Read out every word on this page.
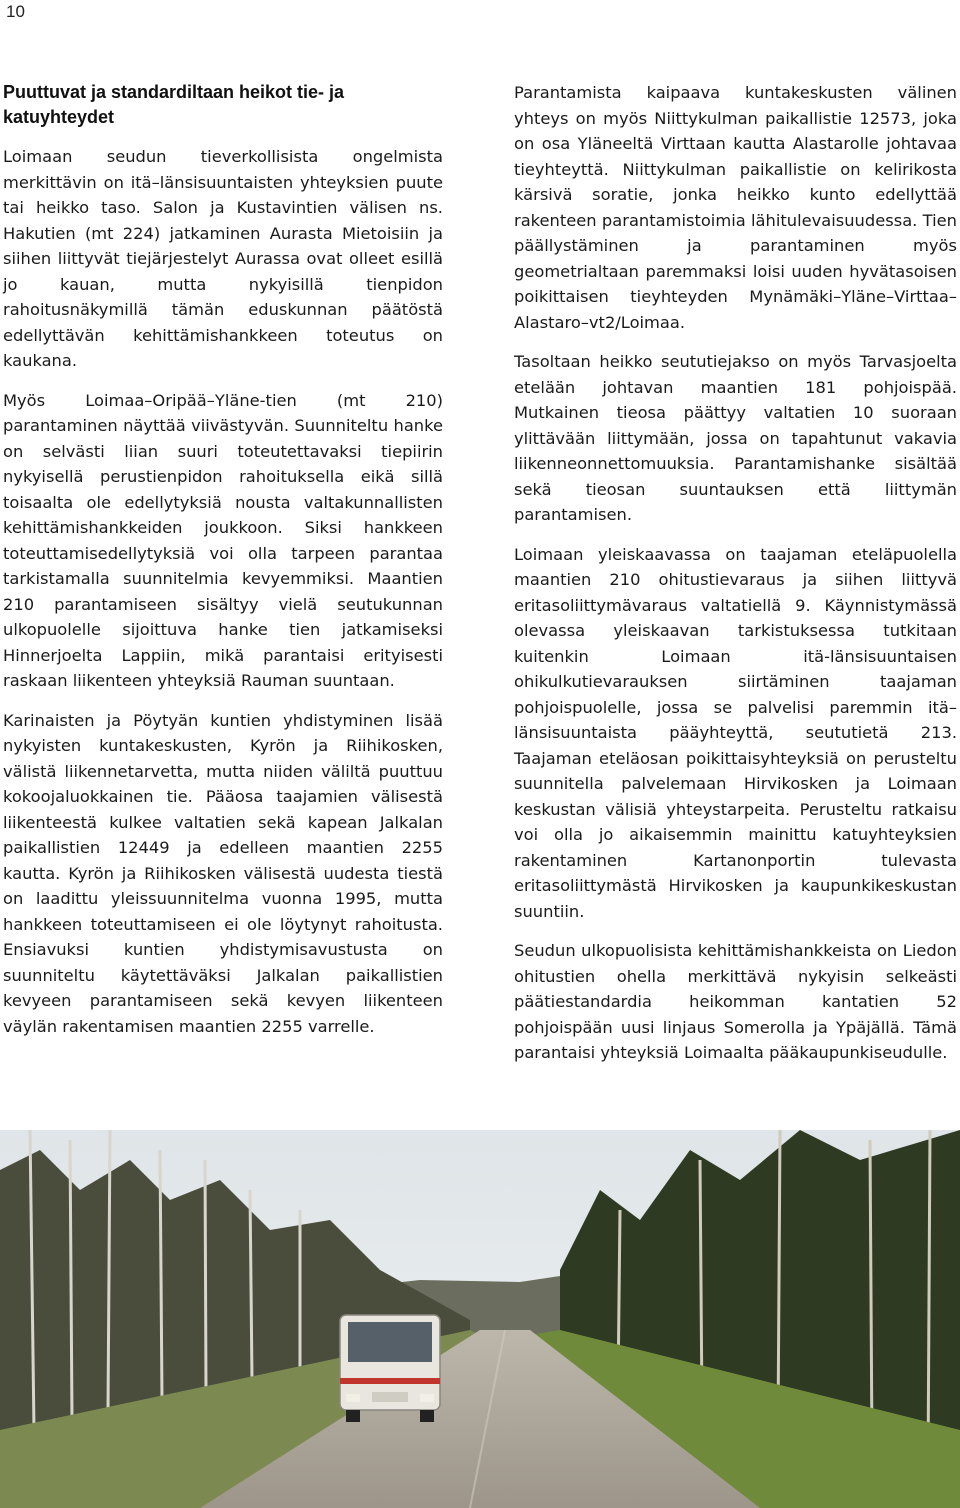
10
Puuttuvat ja standardiltaan heikot tie- ja katuyhteydet

Loimaan seudun tieverkollisista ongelmista merkittävin on itä–länsisuuntaisten yhteyksien puute tai heikko taso. Salon ja Kustavintien välisen ns. Hakutien (mt 224) jatkaminen Aurasta Mietoisiin ja siihen liittyvät tiejärjestelyt Aurassa ovat olleet esillä jo kauan, mutta nykyisillä tienpidon rahoitusnäkymillä tämän eduskunnan päätöstä edellyttävän kehittämishankkeen toteutus on kaukana.

Myös Loimaa–Oripää–Yläne-tien (mt 210) parantaminen näyttää viivästyvän. Suunniteltu hanke on selvästi liian suuri toteutettavaksi tiepiirin nykyisellä perustienpidon rahoituksella eikä sillä toisaalta ole edellytyksiä nousta valtakunnallisten kehittämishankkeiden joukkoon. Siksi hankkeen toteuttamisedellytyksiä voi olla tarpeen parantaa tarkistamalla suunnitelmia kevyemmiksi. Maantien 210 parantamiseen sisältyy vielä seutukunnan ulkopuolelle sijoittuva hanke tien jatkamiseksi Hinnerjoelta Lappiin, mikä parantaisi erityisesti raskaan liikenteen yhteyksiä Rauman suuntaan.

Karinaisten ja Pöytyän kuntien yhdistyminen lisää nykyisten kuntakeskusten, Kyrön ja Riihikosken, välistä liikennetarvetta, mutta niiden väliltä puuttuu kokoojaluokkainen tie. Pääosa taajamien välisestä liikenteestä kulkee valtatien sekä kapean Jalkalan paikallistien 12449 ja edelleen maantien 2255 kautta. Kyrön ja Riihikosken välisestä uudesta tiestä on laadittu yleissuunnitelma vuonna 1995, mutta hankkeen toteuttamiseen ei ole löytynyt rahoitusta. Ensiavuksi kuntien yhdistymisavustusta on suunniteltu käytettäväksi Jalkalan paikallistien kevyeen parantamiseen sekä kevyen liikenteen väylän rakentamisen maantien 2255 varrelle.

Parantamista kaipaava kuntakeskusten välinen yhteys on myös Niittykulman paikallistie 12573, joka on osa Yläneeltä Virttaan kautta Alastarolle johtavaa tieyhteyttä. Niittykulman paikallistie on kelirikosta kärsivä soratie, jonka heikko kunto edellyttää rakenteen parantamistoimia lähitulevaisuudessa. Tien päällystäminen ja parantaminen myös geometrialtaan paremmaksi loisi uuden hyvätasoisen poikittaisen tieyhteyden Mynämäki–Yläne–Virttaa–Alastaro–vt2/Loimaa.

Tasoltaan heikko seututiejakso on myös Tarvasjoelta etelään johtavan maantien 181 pohjoispää. Mutkainen tieosa päättyy valtatien 10 suoraan ylittävään liittymään, jossa on tapahtunut vakavia liikenneonnettomuuksia. Parantamishanke sisältää sekä tieosan suuntauksen että liittymän parantamisen.

Loimaan yleiskaavassa on taajaman eteläpuolella maantien 210 ohitustievaraus ja siihen liittyvä eritasoliittymävaraus valtatiellä 9. Käynnistymässä olevassa yleiskaavan tarkistuksessa tutkitaan kuitenkin Loimaan itä-länsisuuntaisen ohikulkutievarauksen siirtäminen taajaman pohjoispuolelle, jossa se palvelisi paremmin itä–länsisuuntaista pääyhteyttä, seututietä 213. Taajaman eteläosan poikittaisyhteyksiä on perusteltu suunnitella palvelemaan Hirvikosken ja Loimaan keskustan välisiä yhteystarpeita. Perusteltu ratkaisu voi olla jo aikaisemmin mainittu katuyhteyksien rakentaminen Kartanonportin tulevasta eritasoliittymästä Hirvikosken ja kaupunkikeskustan suuntiin.

Seudun ulkopuolisista kehittämishankkeista on Liedon ohitustien ohella merkittävä nykyisin selkeästi päätiestandardia heikomman kantatien 52 pohjoispään uusi linjaus Somerolla ja Ypäjällä. Tämä parantaisi yhteyksiä Loimaalta pääkaupunkiseudulle.
